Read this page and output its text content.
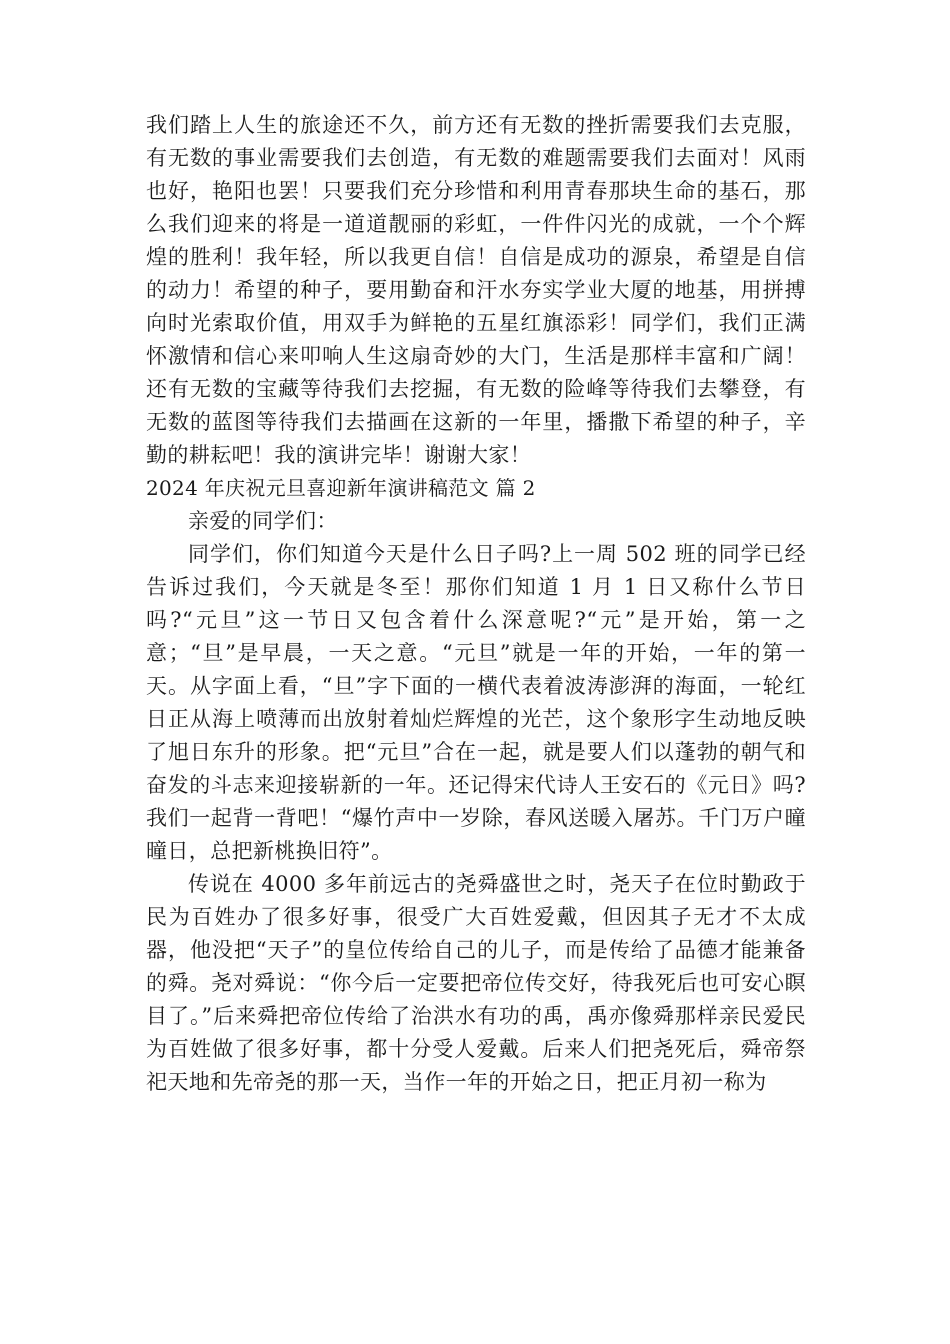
我们踏上人生的旅途还不久，前方还有无数的挫折需要我们去克服，有无数的事业需要我们去创造，有无数的难题需要我们去面对！风雨也好，艳阳也罢！只要我们充分珍惜和利用青春那块生命的基石，那么我们迎来的将是一道道靓丽的彩虹，一件件闪光的成就，一个个辉煌的胜利！我年轻，所以我更自信！自信是成功的源泉，希望是自信的动力！希望的种子，要用勤奋和汗水夯实学业大厦的地基，用拼搏向时光索取价值，用双手为鲜艳的五星红旗添彩！同学们，我们正满怀激情和信心来叩响人生这扇奇妙的大门，生活是那样丰富和广阔！还有无数的宝藏等待我们去挖掘，有无数的险峰等待我们去攀登，有无数的蓝图等待我们去描画在这新的一年里，播撒下希望的种子，辛勤的耕耘吧！我的演讲完毕！谢谢大家！

2024 年庆祝元旦喜迎新年演讲稿范文 篇 2

亲爱的同学们：

同学们，你们知道今天是什么日子吗?上一周 502 班的同学已经告诉过我们，今天就是冬至！那你们知道 1 月 1 日又称什么节日吗?“元旦”这一节日又包含着什么深意呢?“元”是开始，第一之意；“旦”是早晨，一天之意。“元旦”就是一年的开始，一年的第一天。从字面上看，“旦”字下面的一横代表着波涛澎湃的海面，一轮红日正从海上喷薄而出放射着灿烂辉煌的光芒，这个象形字生动地反映了旭日东升的形象。把“元旦”合在一起，就是要人们以蓬勃的朝气和奋发的斗志来迎接崭新的一年。还记得宋代诗人王安石的《元日》吗?我们一起背一背吧！“爆竹声中一岁除，春风送暖入屠苏。千门万户曈曈日，总把新桃换旧符”。

传说在 4000 多年前远古的尧舜盛世之时，尧天子在位时勤政于民为百姓办了很多好事，很受广大百姓爱戴，但因其子无才不太成器，他没把“天子”的皇位传给自己的儿子，而是传给了品德才能兼备的舜。尧对舜说：“你今后一定要把帝位传交好，待我死后也可安心瞑目了。”后来舜把帝位传给了治洪水有功的禹，禹亦像舜那样亲民爱民为百姓做了很多好事，都十分受人爱戴。后来人们把尧死后，舜帝祭祀天地和先帝尧的那一天，当作一年的开始之日，把正月初一称为
